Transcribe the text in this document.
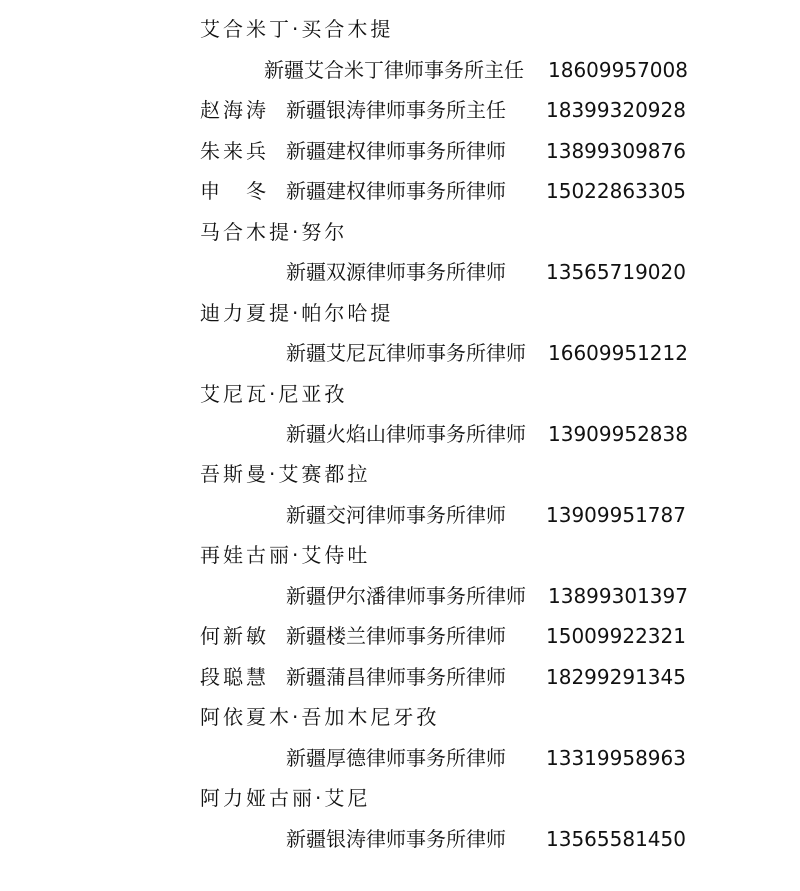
艾合米丁·买合木提
新疆艾合米丁律师事务所主任 18609957008
赵海涛 新疆银涛律师事务所主任 18399320928
朱来兵 新疆建权律师事务所律师 13899309876
申　冬 新疆建权律师事务所律师 15022863305
马合木提·努尔
新疆双源律师事务所律师 13565719020
迪力夏提·帕尔哈提
新疆艾尼瓦律师事务所律师 16609951212
艾尼瓦·尼亚孜
新疆火焰山律师事务所律师 13909952838
吾斯曼·艾赛都拉
新疆交河律师事务所律师 13909951787
再娃古丽·艾侍吐
新疆伊尔潘律师事务所律师 13899301397
何新敏 新疆楼兰律师事务所律师 15009922321
段聪慧 新疆蒲昌律师事务所律师 18299291345
阿依夏木·吾加木尼牙孜
新疆厚德律师事务所律师 13319958963
阿力娅古丽·艾尼
新疆银涛律师事务所律师 13565581450
